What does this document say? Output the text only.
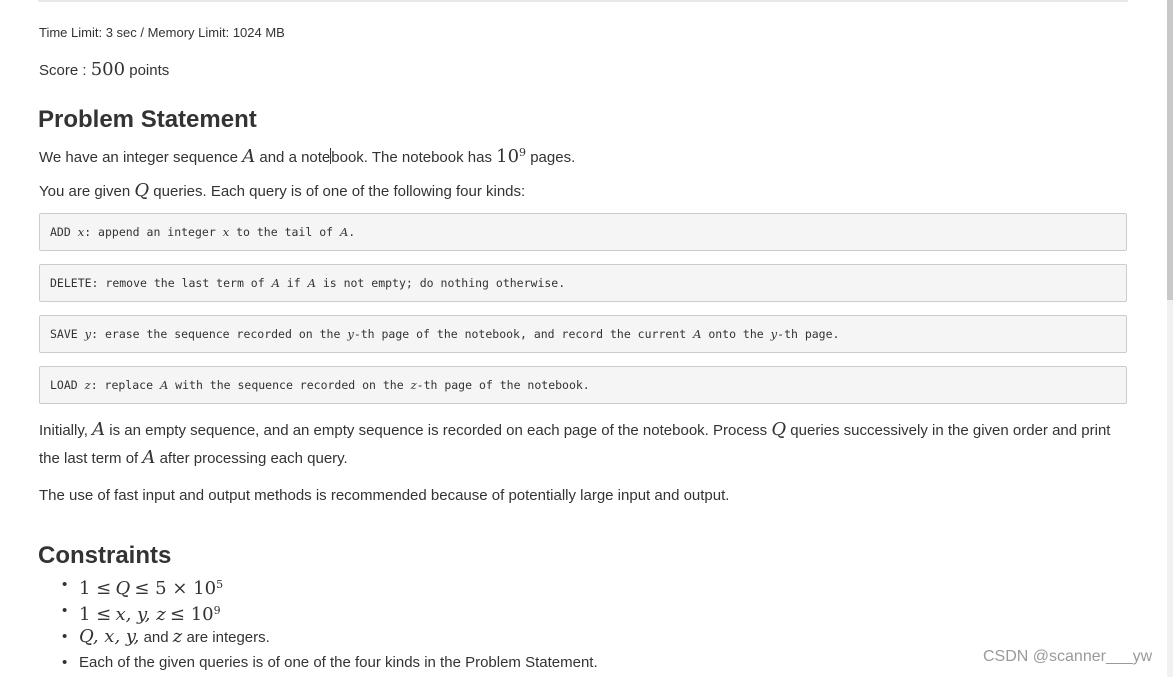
Time Limit: 3 sec / Memory Limit: 1024 MB
Score : 500 points
Problem Statement
We have an integer sequence A and a notebook. The notebook has $10^9$ pages.
You are given Q queries. Each query is of one of the following four kinds:
ADD x: append an integer x to the tail of A.
DELETE: remove the last term of A if A is not empty; do nothing otherwise.
SAVE y: erase the sequence recorded on the y-th page of the notebook, and record the current A onto the y-th page.
LOAD z: replace A with the sequence recorded on the z-th page of the notebook.
Initially, A is an empty sequence, and an empty sequence is recorded on each page of the notebook. Process Q queries successively in the given order and print the last term of A after processing each query.
The use of fast input and output methods is recommended because of potentially large input and output.
Constraints
• $1 \le Q \le 5 \times 10^5$
• 1 ≤ x, y, $z \le 10^9$
• Q, x, y, and z are integers.
• Each of the given queries is of one of the four kinds in the Problem Statement.	CSDN @scanner___yw
